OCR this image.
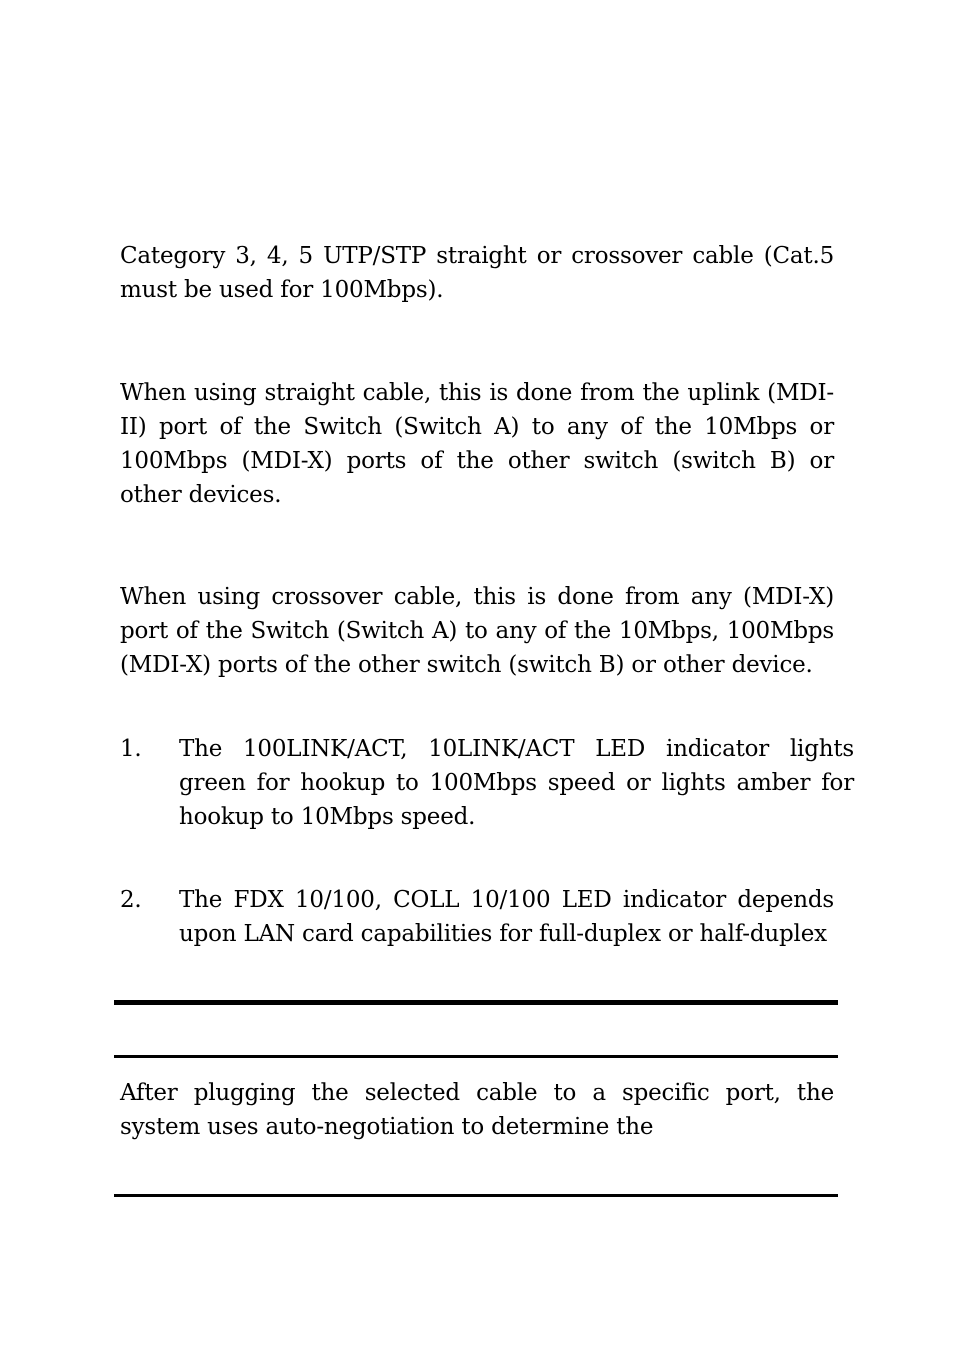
Category 3, 4, 5 UTP/STP straight or crossover cable (Cat.5 must be used for 100Mbps).

When using straight cable, this is done from the uplink (MDI-II) port of the Switch (Switch A) to any of the 10Mbps or 100Mbps (MDI-X) ports of the other switch (switch B) or other devices.

When using crossover cable, this is done from any (MDI-X) port of the Switch (Switch A) to any of the 10Mbps, 100Mbps (MDI-X) ports of the other switch (switch B) or other device.

1.	The 100LINK/ACT, 10LINK/ACT LED indicator lights green for hookup to 100Mbps speed or lights amber for hookup to 10Mbps speed.

2.	The FDX 10/100, COLL 10/100 LED indicator depends upon LAN card capabilities for full-duplex or half-duplex

After plugging the selected cable to a specific port, the system uses auto-negotiation to determine the
